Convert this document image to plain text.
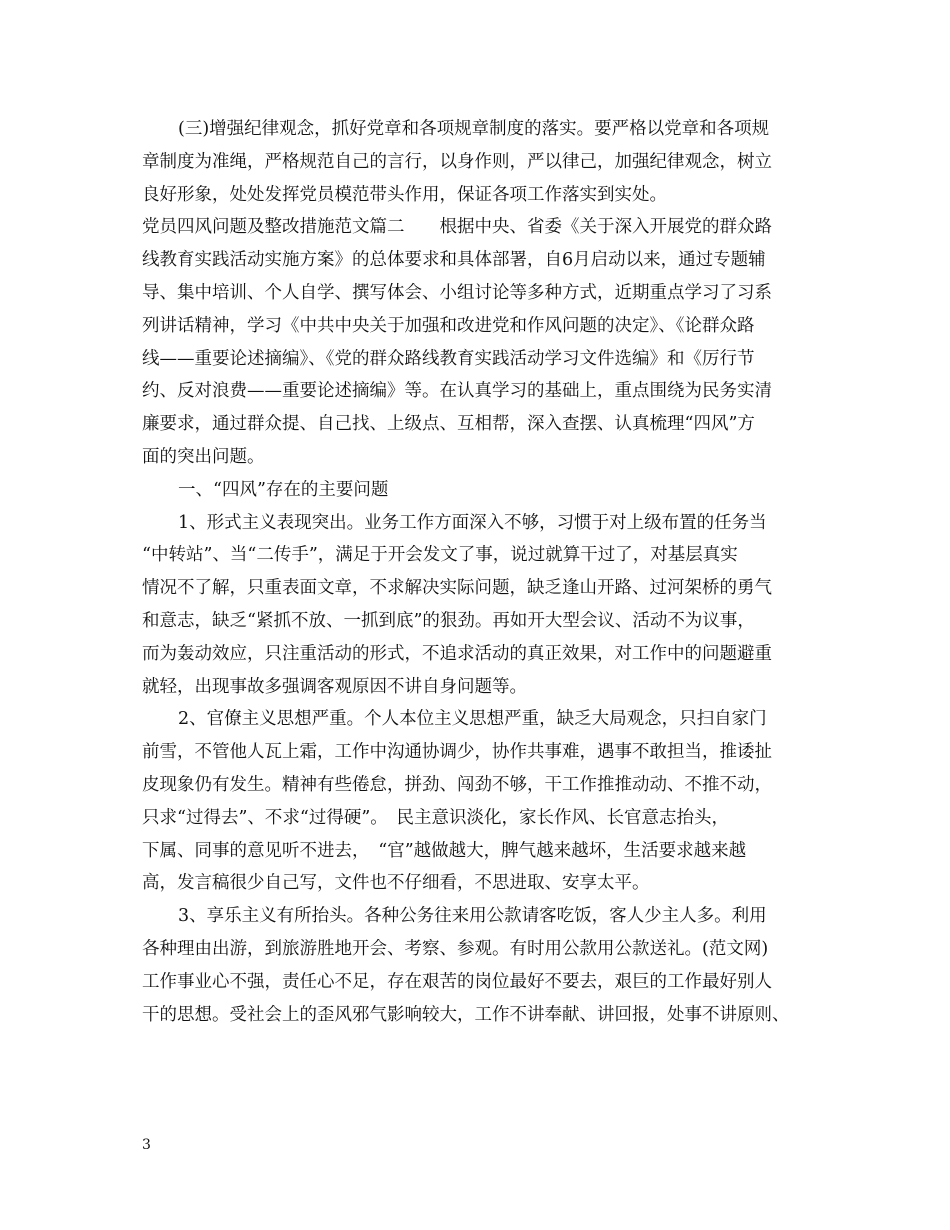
(三)增强纪律观念，抓好党章和各项规章制度的落实。要严格以党章和各项规
章制度为准绳，严格规范自己的言行，以身作则，严以律己，加强纪律观念，树立
良好形象，处处发挥党员模范带头作用，保证各项工作落实到实处。
党员四风问题及整改措施范文篇二　　根据中央、省委《关于深入开展党的群众路
线教育实践活动实施方案》的总体要求和具体部署，自6月启动以来，通过专题辅
导、集中培训、个人自学、撰写体会、小组讨论等多种方式，近期重点学习了习系
列讲话精神，学习《中共中央关于加强和改进党和作风问题的决定》、《论群众路
线——重要论述摘编》、《党的群众路线教育实践活动学习文件选编》和《厉行节
约、反对浪费——重要论述摘编》等。在认真学习的基础上，重点围绕为民务实清
廉要求，通过群众提、自己找、上级点、互相帮，深入查摆、认真梳理“四风”方
面的突出问题。
一、“四风”存在的主要问题
1、形式主义表现突出。业务工作方面深入不够，习惯于对上级布置的任务当
“中转站”、当“二传手”，满足于开会发文了事，说过就算干过了，对基层真实
情况不了解，只重表面文章，不求解决实际问题，缺乏逢山开路、过河架桥的勇气
和意志，缺乏“紧抓不放、一抓到底”的狠劲。再如开大型会议、活动不为议事，
而为轰动效应，只注重活动的形式，不追求活动的真正效果，对工作中的问题避重
就轻，出现事故多强调客观原因不讲自身问题等。
2、官僚主义思想严重。个人本位主义思想严重，缺乏大局观念，只扫自家门
前雪，不管他人瓦上霜，工作中沟通协调少，协作共事难，遇事不敢担当，推诿扯
皮现象仍有发生。精神有些倦怠，拼劲、闯劲不够，干工作推推动动、不推不动，
只求“过得去”、不求“过得硬”。　民主意识淡化，家长作风、长官意志抬头，
下属、同事的意见听不进去，　“官”越做越大，脾气越来越坏，生活要求越来越
高，发言稿很少自己写，文件也不仔细看，不思进取、安享太平。
3、享乐主义有所抬头。各种公务往来用公款请客吃饭，客人少主人多。利用
各种理由出游，到旅游胜地开会、考察、参观。有时用公款用公款送礼。(范文网)
工作事业心不强，责任心不足，存在艰苦的岗位最好不要去，艰巨的工作最好别人
干的思想。受社会上的歪风邪气影响较大，工作不讲奉献、讲回报，处事不讲原则、
3
